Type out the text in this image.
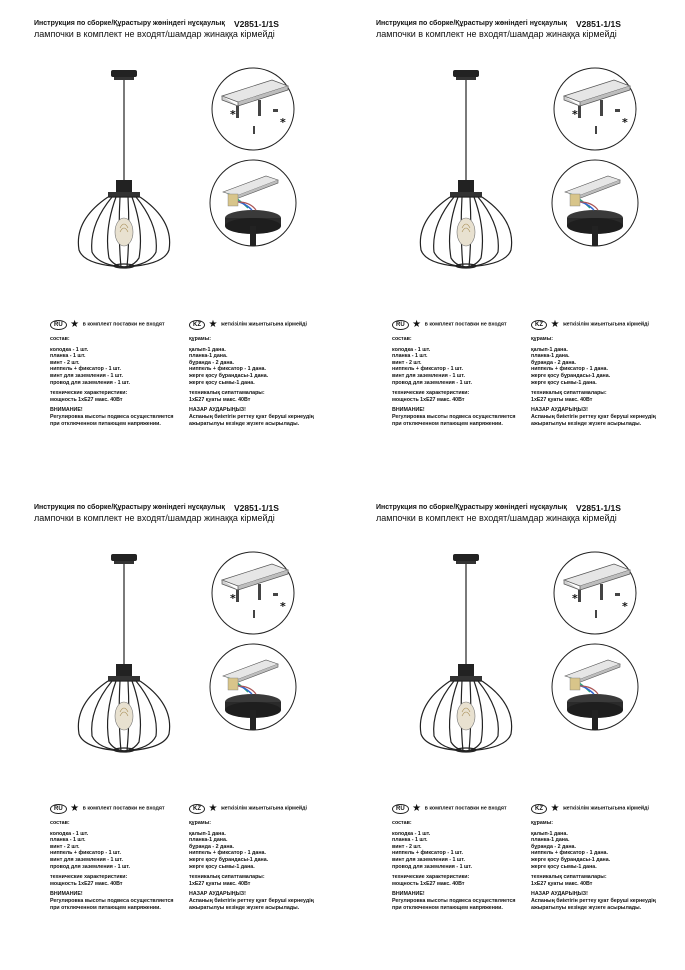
Инструкция по сборке/Құрастыру жөніндегі нұсқаулық V2851-1/1S
лампочки в комплект не входят/шамдар жинаққа кірмейді
*
*
RU ★ в комплект поставки не входят
состав:
колодка - 1 шт.
планка - 1 шт.
винт - 2 шт.
ниппель + фиксатор - 1 шт.
винт для заземления - 1 шт.
провод для заземления - 1 шт.
технические характеристики:
мощность 1хЕ27 макс. 40Вт
ВНИМАНИЕ!
Регулировка высоты подвеса осуществляется
при отключенном питающем напряжении.
KZ ★ жеткізілім жиынтығына кірмейді
құрамы:
қалып-1 дана.
планка-1 дана.
бұранда - 2 дана.
ниппель + фиксатор - 1 дана.
жерге қосу бұрандасы-1 дана.
жерге қосу сымы-1 дана.
техникалық сипаттамалары:
1хЕ27 қуаты макс. 40Вт
НАЗАР АУДАРЫҢЫЗ!
Аспаның биіктігін реттеу қуат беруші кернеудің
ажыратылуы кезінде жүзеге асырылады.
Инструкция по сборке/Құрастыру жөніндегі нұсқаулық V2851-1/1S
лампочки в комплект не входят/шамдар жинаққа кірмейді
*
*
RU ★ в комплект поставки не входят
состав:
колодка - 1 шт.
планка - 1 шт.
винт - 2 шт.
ниппель + фиксатор - 1 шт.
винт для заземления - 1 шт.
провод для заземления - 1 шт.
технические характеристики:
мощность 1хЕ27 макс. 40Вт
ВНИМАНИЕ!
Регулировка высоты подвеса осуществляется
при отключенном питающем напряжении.
KZ ★ жеткізілім жиынтығына кірмейді
құрамы:
қалып-1 дана.
планка-1 дана.
бұранда - 2 дана.
ниппель + фиксатор - 1 дана.
жерге қосу бұрандасы-1 дана.
жерге қосу сымы-1 дана.
техникалық сипаттамалары:
1хЕ27 қуаты макс. 40Вт
НАЗАР АУДАРЫҢЫЗ!
Аспаның биіктігін реттеу қуат беруші кернеудің
ажыратылуы кезінде жүзеге асырылады.
Инструкция по сборке/Құрастыру жөніндегі нұсқаулық V2851-1/1S
лампочки в комплект не входят/шамдар жинаққа кірмейді
*
*
RU ★ в комплект поставки не входят
состав:
колодка - 1 шт.
планка - 1 шт.
винт - 2 шт.
ниппель + фиксатор - 1 шт.
винт для заземления - 1 шт.
провод для заземления - 1 шт.
технические характеристики:
мощность 1хЕ27 макс. 40Вт
ВНИМАНИЕ!
Регулировка высоты подвеса осуществляется
при отключенном питающем напряжении.
KZ ★ жеткізілім жиынтығына кірмейді
құрамы:
қалып-1 дана.
планка-1 дана.
бұранда - 2 дана.
ниппель + фиксатор - 1 дана.
жерге қосу бұрандасы-1 дана.
жерге қосу сымы-1 дана.
техникалық сипаттамалары:
1хЕ27 қуаты макс. 40Вт
НАЗАР АУДАРЫҢЫЗ!
Аспаның биіктігін реттеу қуат беруші кернеудің
ажыратылуы кезінде жүзеге асырылады.
Инструкция по сборке/Құрастыру жөніндегі нұсқаулық V2851-1/1S
лампочки в комплект не входят/шамдар жинаққа кірмейді
*
*
RU ★ в комплект поставки не входят
состав:
колодка - 1 шт.
планка - 1 шт.
винт - 2 шт.
ниппель + фиксатор - 1 шт.
винт для заземления - 1 шт.
провод для заземления - 1 шт.
технические характеристики:
мощность 1хЕ27 макс. 40Вт
ВНИМАНИЕ!
Регулировка высоты подвеса осуществляется
при отключенном питающем напряжении.
KZ ★ жеткізілім жиынтығына кірмейді
құрамы:
қалып-1 дана.
планка-1 дана.
бұранда - 2 дана.
ниппель + фиксатор - 1 дана.
жерге қосу бұрандасы-1 дана.
жерге қосу сымы-1 дана.
техникалық сипаттамалары:
1хЕ27 қуаты макс. 40Вт
НАЗАР АУДАРЫҢЫЗ!
Аспаның биіктігін реттеу қуат беруші кернеудің
ажыратылуы кезінде жүзеге асырылады.
